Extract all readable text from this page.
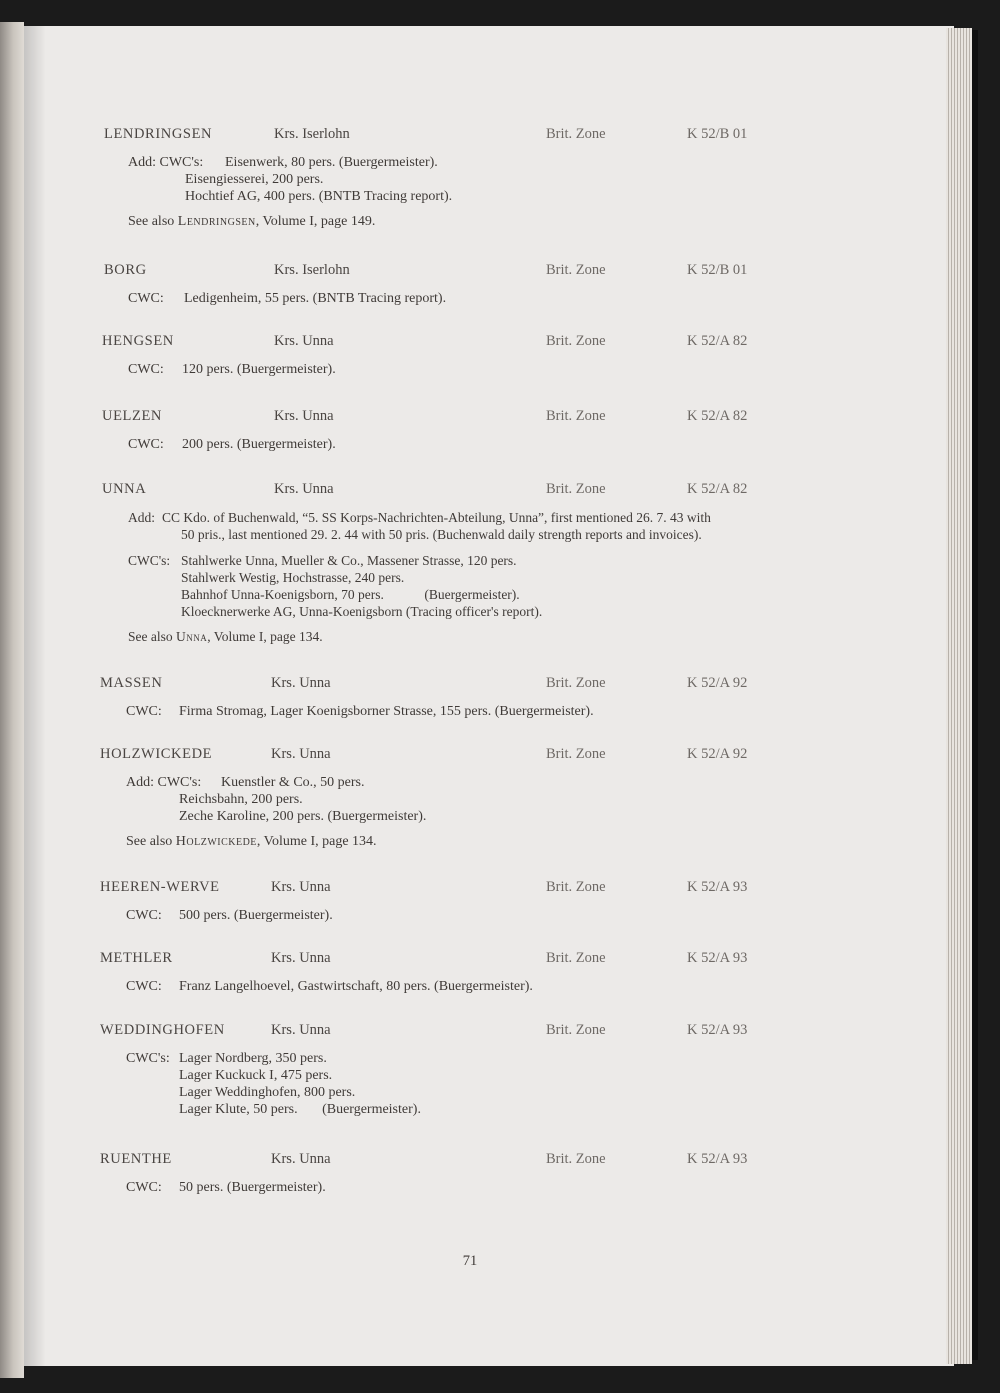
LENDRINGSEN	Krs. Iserlohn	Brit. Zone	K 52/B 01
Add: CWC's: Eisenwerk, 80 pers. (Buergermeister).
Eisengiesserei, 200 pers.
Hochtief AG, 400 pers. (BNTB Tracing report).
See also Lendringsen, Volume I, page 149.
BORG	Krs. Iserlohn	Brit. Zone	K 52/B 01
CWC: Ledigenheim, 55 pers. (BNTB Tracing report).
HENGSEN	Krs. Unna	Brit. Zone	K 52/A 82
CWC: 120 pers. (Buergermeister).
UELZEN	Krs. Unna	Brit. Zone	K 52/A 82
CWC: 200 pers. (Buergermeister).
UNNA	Krs. Unna	Brit. Zone	K 52/A 82
Add: CC Kdo. of Buchenwald, “5. SS Korps-Nachrichten-Abteilung, Unna”, first mentioned 26. 7. 43 with
50 pris., last mentioned 29. 2. 44 with 50 pris. (Buchenwald daily strength reports and invoices).
CWC's: Stahlwerke Unna, Mueller & Co., Massener Strasse, 120 pers.
Stahlwerk Westig, Hochstrasse, 240 pers.
Bahnhof Unna-Koenigsborn, 70 pers.            (Buergermeister).
Kloecknerwerke AG, Unna-Koenigsborn (Tracing officer's report).
See also Unna, Volume I, page 134.
MASSEN	Krs. Unna	Brit. Zone	K 52/A 92
CWC: Firma Stromag, Lager Koenigsborner Strasse, 155 pers. (Buergermeister).
HOLZWICKEDE	Krs. Unna	Brit. Zone	K 52/A 92
Add: CWC's: Kuenstler & Co., 50 pers.
Reichsbahn, 200 pers.
Zeche Karoline, 200 pers. (Buergermeister).
See also Holzwickede, Volume I, page 134.
HEEREN-WERVE	Krs. Unna	Brit. Zone	K 52/A 93
CWC: 500 pers. (Buergermeister).
METHLER	Krs. Unna	Brit. Zone	K 52/A 93
CWC: Franz Langelhoevel, Gastwirtschaft, 80 pers. (Buergermeister).
WEDDINGHOFEN	Krs. Unna	Brit. Zone	K 52/A 93
CWC's: Lager Nordberg, 350 pers.
Lager Kuckuck I, 475 pers.
Lager Weddinghofen, 800 pers.
Lager Klute, 50 pers.       (Buergermeister).
RUENTHE	Krs. Unna	Brit. Zone	K 52/A 93
CWC: 50 pers. (Buergermeister).
71
